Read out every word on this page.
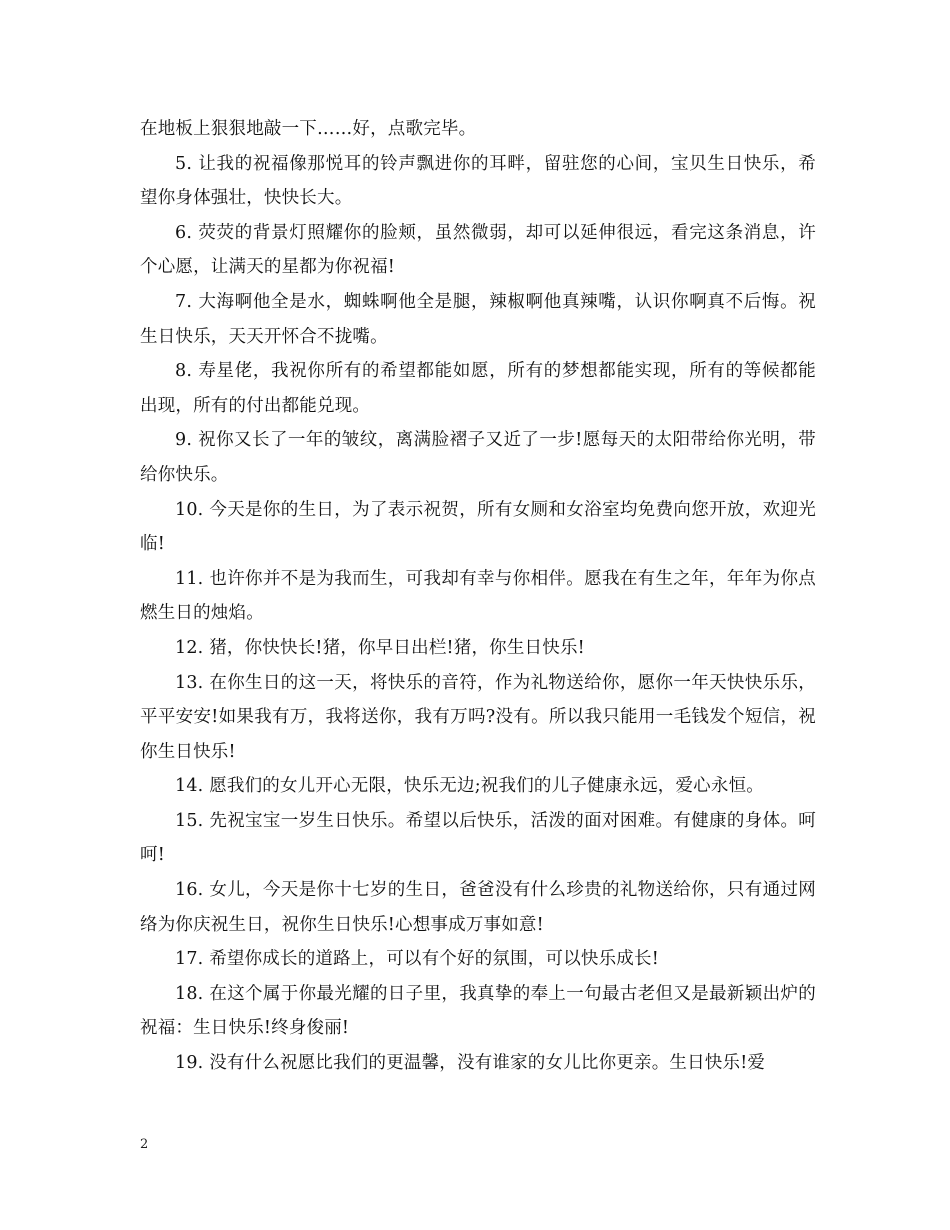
在地板上狠狠地敲一下……好，点歌完毕。

5. 让我的祝福像那悦耳的铃声飘进你的耳畔，留驻您的心间，宝贝生日快乐，希望你身体强壮，快快长大。

6. 荧荧的背景灯照耀你的脸颊，虽然微弱，却可以延伸很远，看完这条消息，许个心愿，让满天的星都为你祝福!

7. 大海啊他全是水，蜘蛛啊他全是腿，辣椒啊他真辣嘴，认识你啊真不后悔。祝生日快乐，天天开怀合不拢嘴。

8. 寿星佬，我祝你所有的希望都能如愿，所有的梦想都能实现，所有的等候都能出现，所有的付出都能兑现。

9. 祝你又长了一年的皱纹，离满脸褶子又近了一步!愿每天的太阳带给你光明，带给你快乐。

10. 今天是你的生日，为了表示祝贺，所有女厕和女浴室均免费向您开放，欢迎光临!

11. 也许你并不是为我而生，可我却有幸与你相伴。愿我在有生之年，年年为你点燃生日的烛焰。

12. 猪，你快快长!猪，你早日出栏!猪，你生日快乐!

13. 在你生日的这一天，将快乐的音符，作为礼物送给你，愿你一年天快快乐乐，平平安安!如果我有万，我将送你，我有万吗?没有。所以我只能用一毛钱发个短信，祝你生日快乐!

14. 愿我们的女儿开心无限，快乐无边;祝我们的儿子健康永远，爱心永恒。

15. 先祝宝宝一岁生日快乐。希望以后快乐，活泼的面对困难。有健康的身体。呵呵!

16. 女儿，今天是你十七岁的生日，爸爸没有什么珍贵的礼物送给你，只有通过网络为你庆祝生日，祝你生日快乐!心想事成万事如意!

17. 希望你成长的道路上，可以有个好的氛围，可以快乐成长!

18. 在这个属于你最光耀的日子里，我真挚的奉上一句最古老但又是最新颖出炉的祝福：生日快乐!终身俊丽!

19. 没有什么祝愿比我们的更温馨，没有谁家的女儿比你更亲。生日快乐!爱

2
